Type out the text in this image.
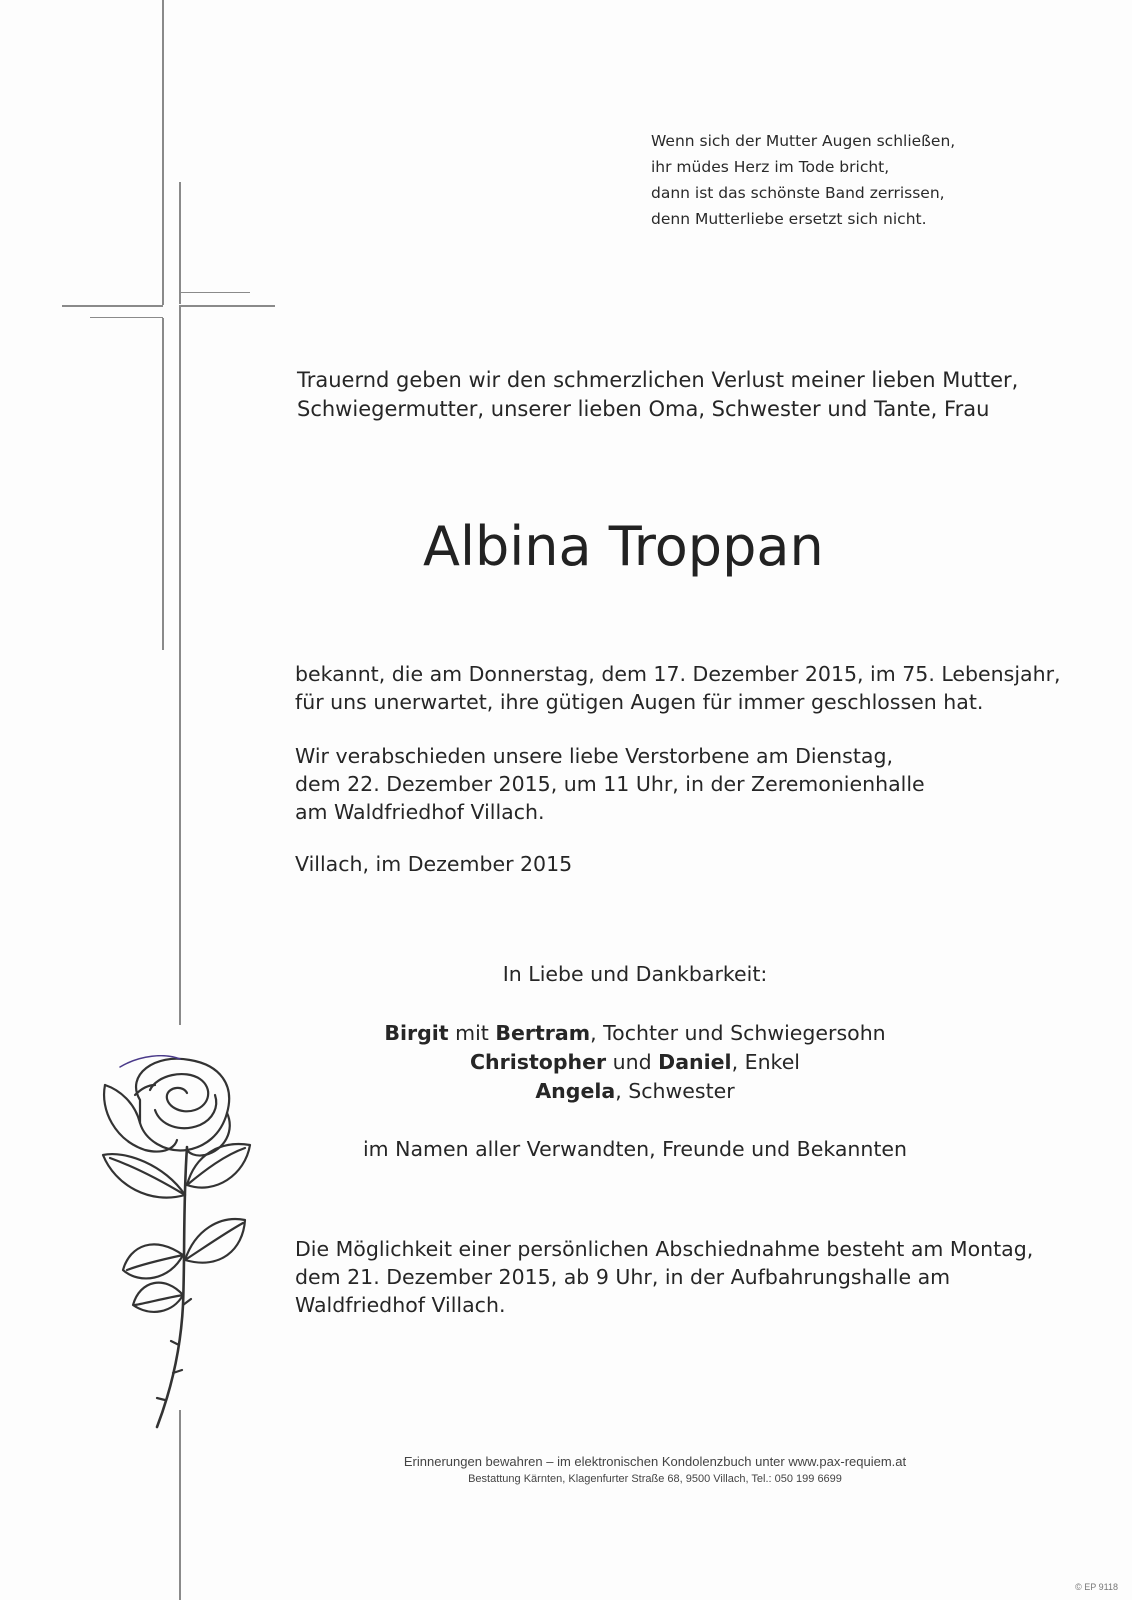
Wenn sich der Mutter Augen schließen,
ihr müdes Herz im Tode bricht,
dann ist das schönste Band zerrissen,
denn Mutterliebe ersetzt sich nicht.
Trauernd geben wir den schmerzlichen Verlust meiner lieben Mutter,
Schwiegermutter, unserer lieben Oma, Schwester und Tante, Frau
Albina Troppan
bekannt, die am Donnerstag, dem 17. Dezember 2015, im 75. Lebensjahr,
für uns unerwartet, ihre gütigen Augen für immer geschlossen hat.
Wir verabschieden unsere liebe Verstorbene am Dienstag,
dem 22. Dezember 2015, um 11 Uhr, in der Zeremonienhalle
am Waldfriedhof Villach.
Villach, im Dezember 2015
In Liebe und Dankbarkeit:
Birgit mit Bertram, Tochter und Schwiegersohn
Christopher und Daniel, Enkel
Angela, Schwester
im Namen aller Verwandten, Freunde und Bekannten
Die Möglichkeit einer persönlichen Abschiednahme besteht am Montag,
dem 21. Dezember 2015, ab 9 Uhr, in der Aufbahrungshalle am
Waldfriedhof Villach.
Erinnerungen bewahren – im elektronischen Kondolenzbuch unter www.pax-requiem.at
Bestattung Kärnten, Klagenfurter Straße 68, 9500 Villach, Tel.: 050 199 6699
© EP 9118
